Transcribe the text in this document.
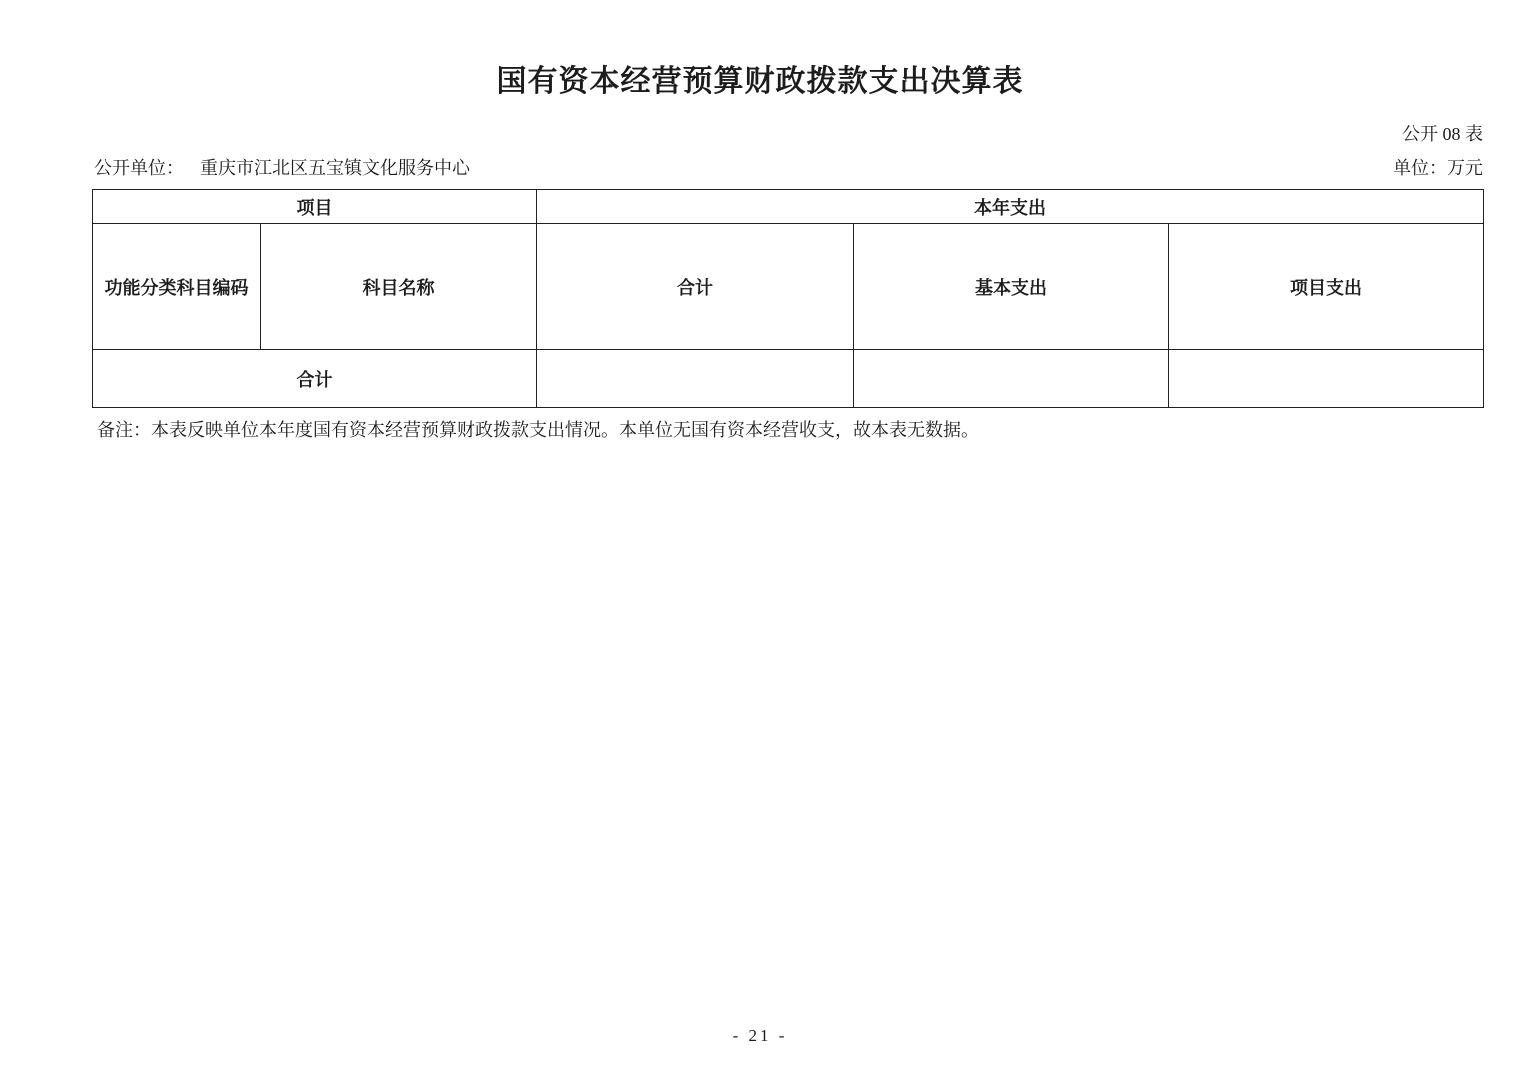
国有资本经营预算财政拨款支出决算表
公开 08 表
公开单位： 重庆市江北区五宝镇文化服务中心	单位：万元
项目		本年支出		
功能分类科目编码	科目名称	合计	基本支出	项目支出
合计				
备注：本表反映单位本年度国有资本经营预算财政拨款支出情况。本单位无国有资本经营收支，故本表无数据。
- 21 -
